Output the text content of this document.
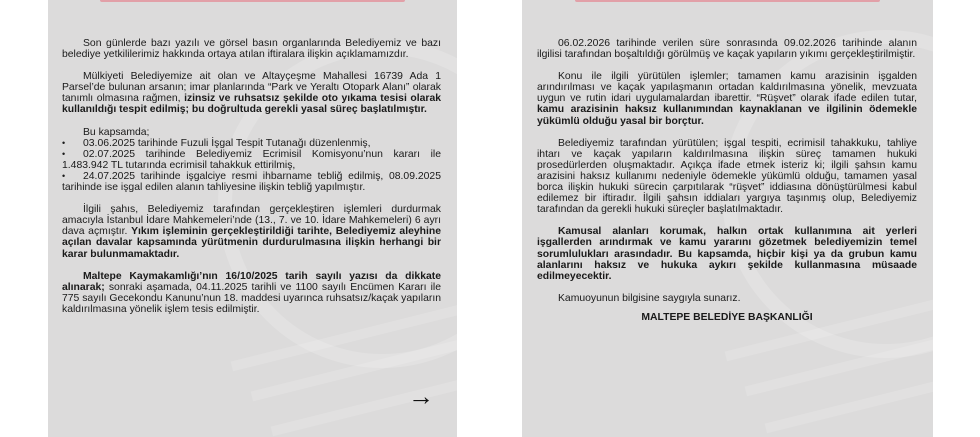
Son günlerde bazı yazılı ve görsel basın organlarında Belediyemiz ve bazı belediye yetkililerimiz hakkında ortaya atılan iftiralara ilişkin açıklamamızdır.

Mülkiyeti Belediyemize ait olan ve Altayçeşme Mahallesi 16739 Ada 1 Parsel’de bulunan arsanın; imar planlarında “Park ve Yeraltı Otopark Alanı” olarak tanımlı olmasına rağmen, izinsiz ve ruhsatsız şekilde oto yıkama tesisi olarak kullanıldığı tespit edilmiş; bu doğrultuda gerekli yasal süreç başlatılmıştır.

Bu kapsamda;

• 03.06.2025 tarihinde Fuzuli İşgal Tespit Tutanağı düzenlenmiş,
• 02.07.2025 tarihinde Belediyemiz Ecrimisil Komisyonu’nun kararı ile 1.483.942 TL tutarında ecrimisil tahakkuk ettirilmiş,
• 24.07.2025 tarihinde işgalciye resmi ihbarname tebliğ edilmiş, 08.09.2025 tarihinde ise işgal edilen alanın tahliyesine ilişkin tebliğ yapılmıştır.

İlgili şahıs, Belediyemiz tarafından gerçekleştiren işlemleri durdurmak amacıyla İstanbul İdare Mahkemeleri’nde (13., 7. ve 10. İdare Mahkemeleri) 6 ayrı dava açmıştır. Yıkım işleminin gerçekleştirildiği tarihte, Belediyemiz aleyhine açılan davalar kapsamında yürütmenin durdurulmasına ilişkin herhangi bir karar bulunmamaktadır.

Maltepe Kaymakamlığı’nın 16/10/2025 tarih sayılı yazısı da dikkate alınarak; sonraki aşamada, 04.11.2025 tarihli ve 1100 sayılı Encümen Kararı ile 775 sayılı Gecekondu Kanunu’nun 18. maddesi uyarınca ruhsatsız/kaçak yapıların kaldırılmasına yönelik işlem tesis edilmiştir.

→

06.02.2026 tarihinde verilen süre sonrasında 09.02.2026 tarihinde alanın ilgilisi tarafından boşaltıldığı görülmüş ve kaçak yapıların yıkımı gerçekleştirilmiştir.

Konu ile ilgili yürütülen işlemler; tamamen kamu arazisinin işgalden arındırılması ve kaçak yapılaşmanın ortadan kaldırılmasına yönelik, mevzuata uygun ve rutin idari uygulamalardan ibarettir. “Rüşvet” olarak ifade edilen tutar, kamu arazisinin haksız kullanımından kaynaklanan ve ilgilinin ödemekle yükümlü olduğu yasal bir borçtur.

Belediyemiz tarafından yürütülen; işgal tespiti, ecrimisil tahakkuku, tahliye ihtarı ve kaçak yapıların kaldırılmasına ilişkin süreç tamamen hukuki prosedürlerden oluşmaktadır. Açıkça ifade etmek isteriz ki; ilgili şahsın kamu arazisini haksız kullanımı nedeniyle ödemekle yükümlü olduğu, tamamen yasal borca ilişkin hukuki sürecin çarpıtılarak “rüşvet” iddiasına dönüştürülmesi kabul edilemez bir iftiradır. İlgili şahsın iddiaları yargıya taşınmış olup, Belediyemiz tarafından da gerekli hukuki süreçler başlatılmaktadır.

Kamusal alanları korumak, halkın ortak kullanımına ait yerleri işgallerden arındırmak ve kamu yararını gözetmek belediyemizin temel sorumlulukları arasındadır. Bu kapsamda, hiçbir kişi ya da grubun kamu alanlarını haksız ve hukuka aykırı şekilde kullanmasına müsaade edilmeyecektir.

Kamuoyunun bilgisine saygıyla sunarız.

MALTEPE BELEDİYE BAŞKANLIĞI
